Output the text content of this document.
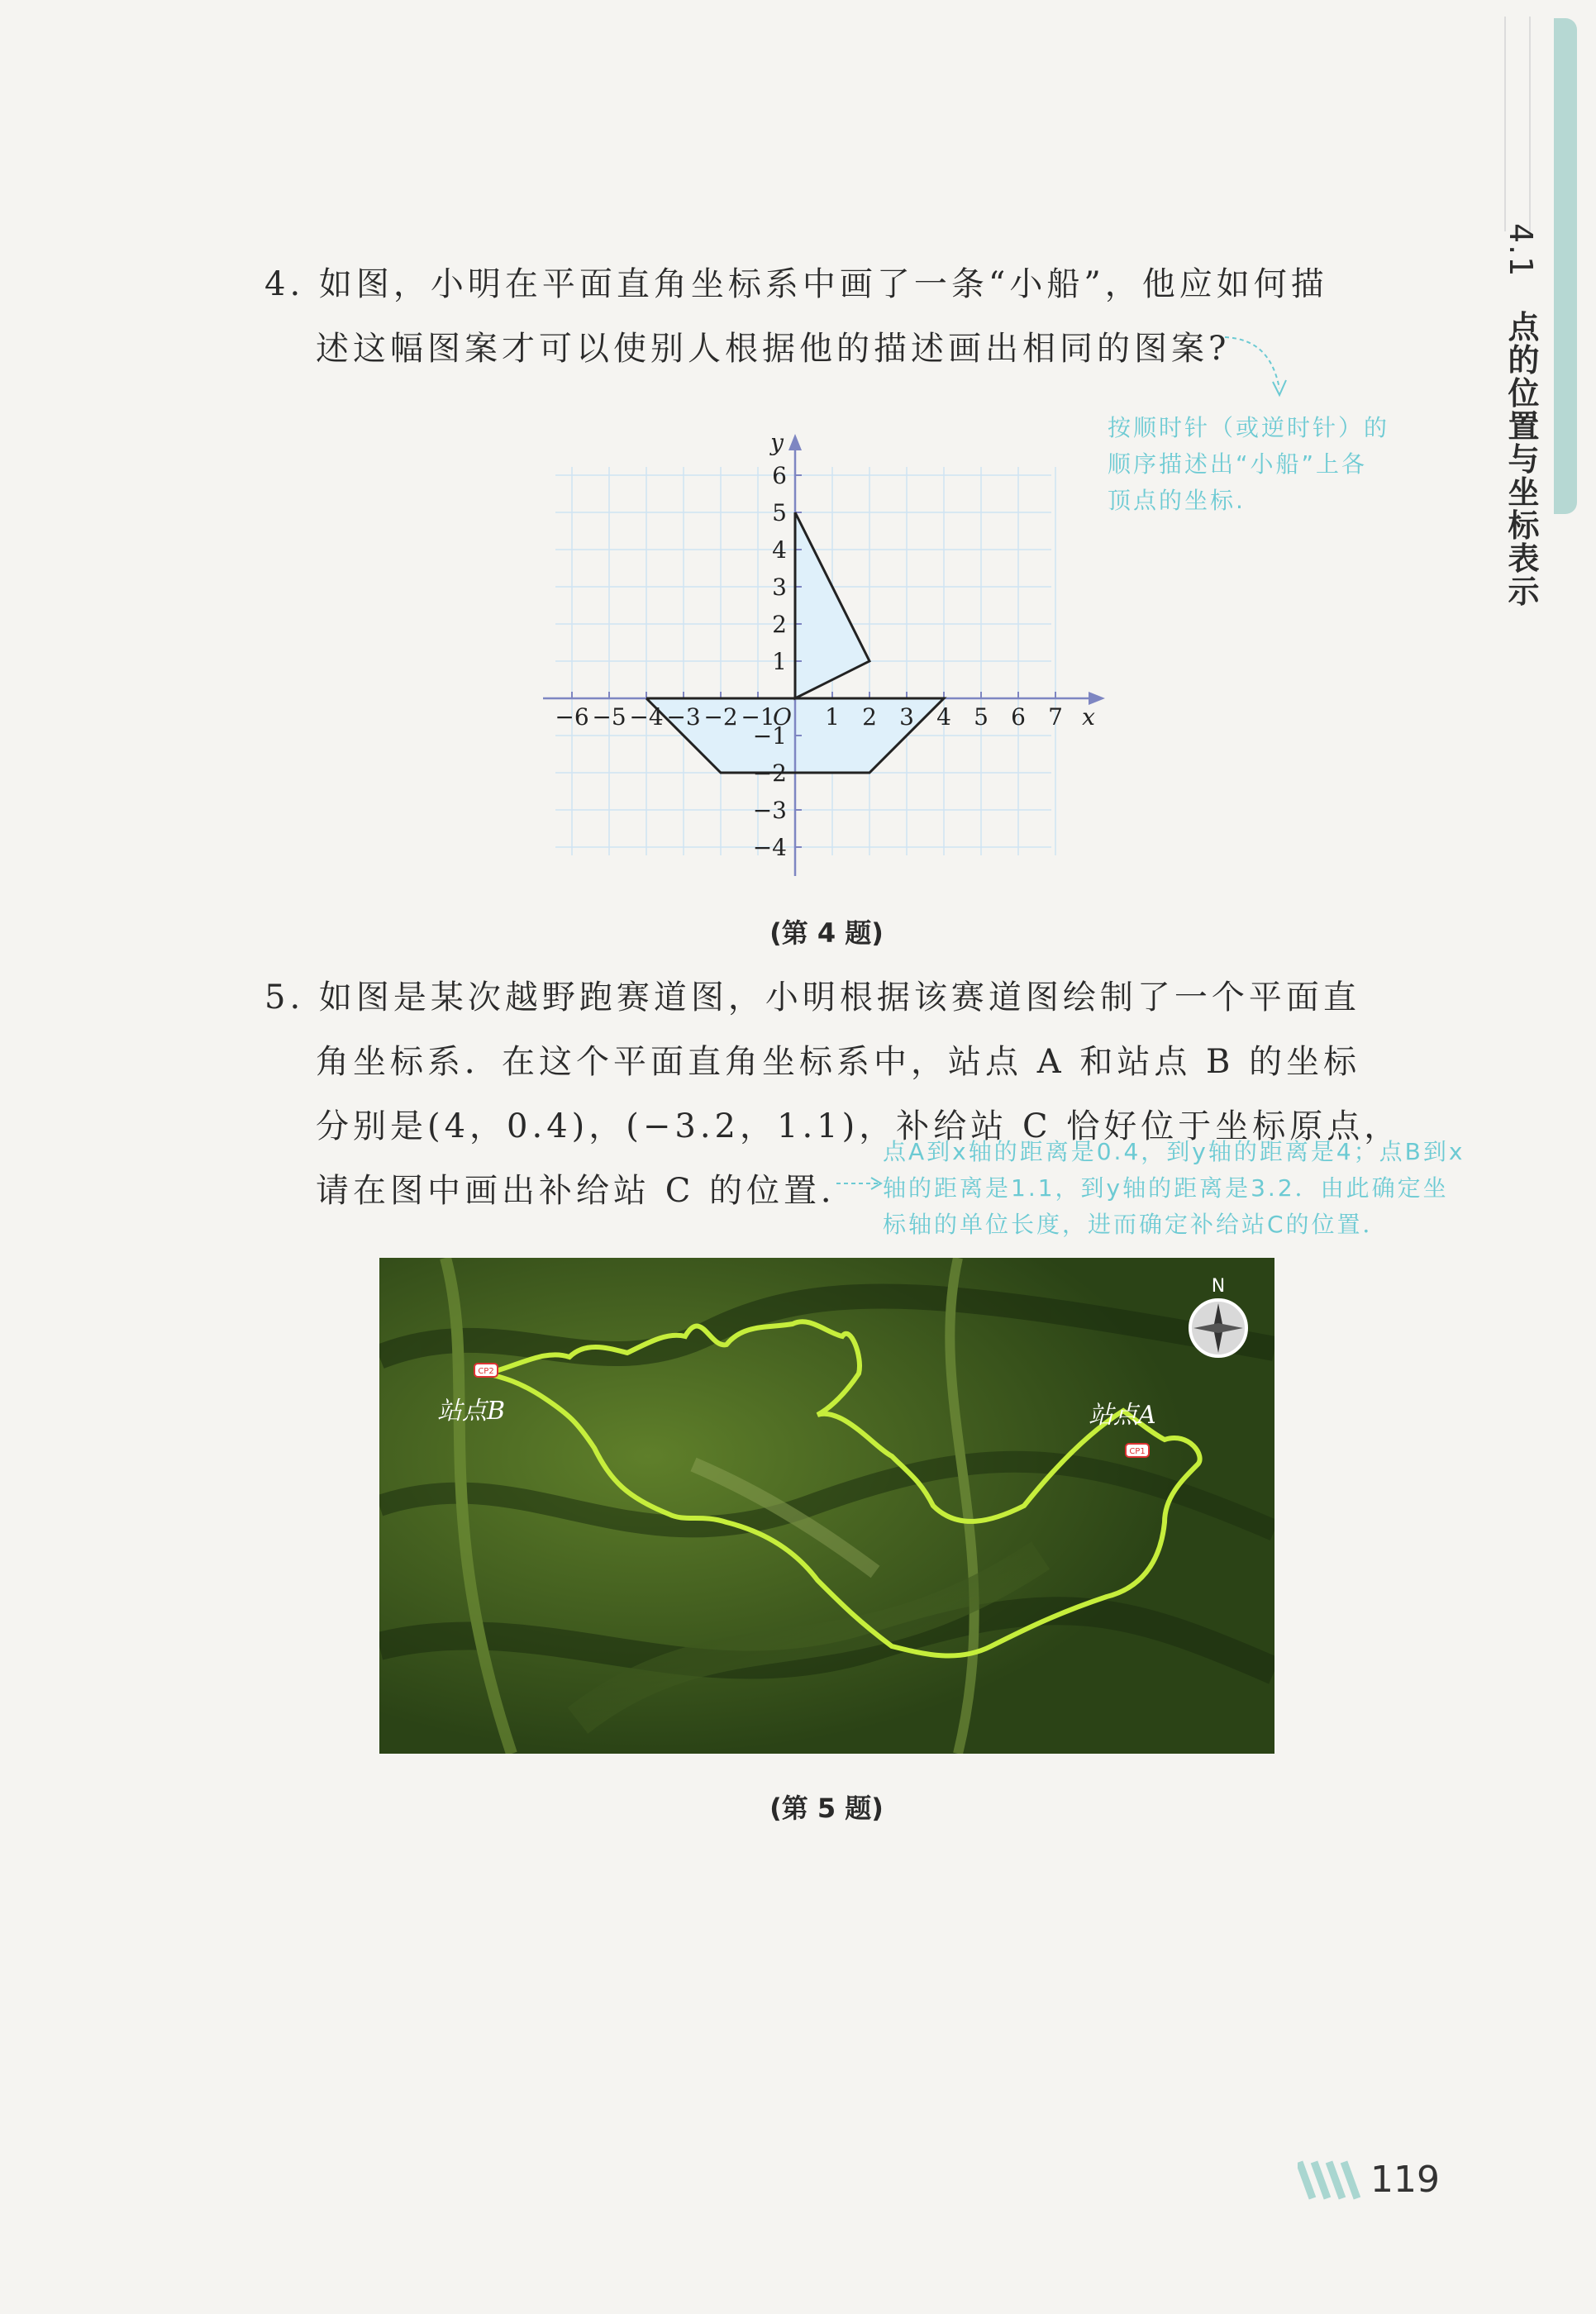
4.1 点的位置与坐标表示
4. 如图，小明在平面直角坐标系中画了一条“小船”，他应如何描
述这幅图案才可以使别人根据他的描述画出相同的图案?
按顺时针（或逆时针）的
顺序描述出“小船”上各
顶点的坐标.
−6 −5 −4 −3 −2 −1 1 2 3 4 5 6 7
−4
−3
−2
−1
1
2
3
4
5
6
O	x
y
(第 4 题)
5. 如图是某次越野跑赛道图，小明根据该赛道图绘制了一个平面直
角坐标系．在这个平面直角坐标系中，站点 A 和站点 B 的坐标
分别是(4，0.4)，(−3.2，1.1)，补给站 C 恰好位于坐标原点，
请在图中画出补给站 C 的位置．
点A到x轴的距离是0.4，到y轴的距离是4；点B到x
轴的距离是1.1，到y轴的距离是3.2．由此确定坐
标轴的单位长度，进而确定补给站C的位置．
CP2
CP1
站点B	站点A
N
(第 5 题)
119
